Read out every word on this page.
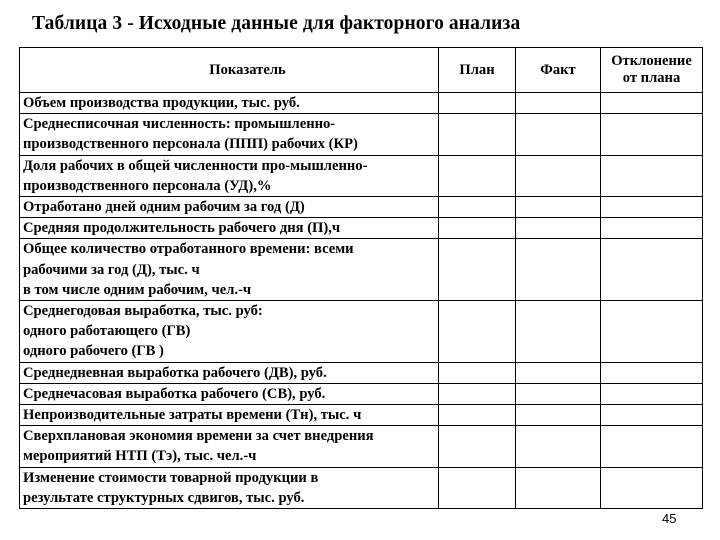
Таблица 3 - Исходные данные для факторного анализа
Показатель	План	Факт	Отклонение от плана

Объем производства продукции, тыс. руб.			

Среднесписочная численность: промышленно-
производственного персонала (ППП) рабочих (КР)			

Доля рабочих в общей численности про-мышленно-
производственного персонала (УД),%			

Отработано дней одним рабочим за год (Д)			

Средняя продолжительность рабочего дня (П),ч			

Общее количество отработанного времени: всеми
рабочими за год (Д), тыс. ч
в том числе одним рабочим, чел.-ч			

Среднегодовая выработка, тыс. руб:
одного работающего (ГВ)
одного рабочего (ГВ )			

Среднедневная выработка рабочего (ДВ), руб.			

Среднечасовая выработка рабочего (СВ), руб.			

Непроизводительные затраты времени (Тн), тыс. ч			

Сверхплановая экономия времени за счет внедрения
мероприятий НТП (Тэ), тыс. чел.-ч			

Изменение стоимости товарной продукции в
результате структурных сдвигов, тыс. руб.			

45
